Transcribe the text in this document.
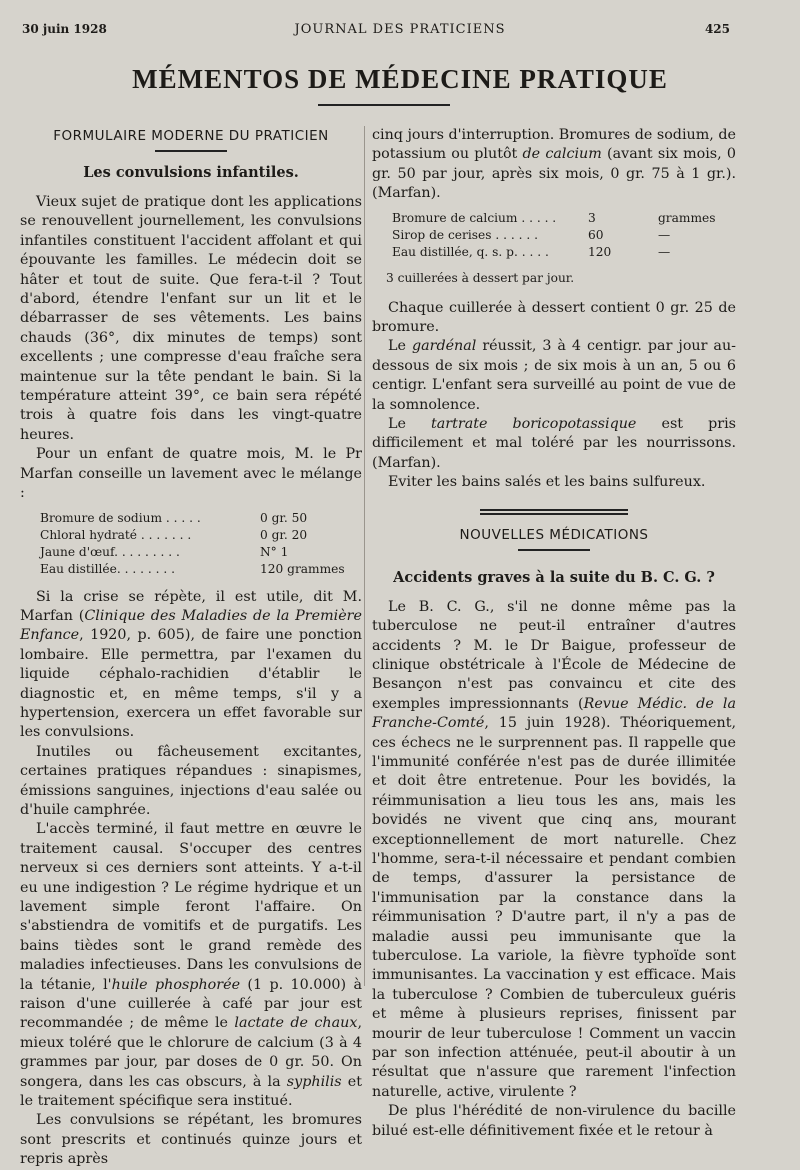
30 juin 1928	JOURNAL DES PRATICIENS	425
MÉMENTOS DE MÉDECINE PRATIQUE
FORMULAIRE MODERNE DU PRATICIEN
Les convulsions infantiles.

Vieux sujet de pratique dont les applications se renouvellent journellement, les convulsions infantiles constituent l'accident affolant et qui épouvante les familles. Le médecin doit se hâter et tout de suite. Que fera-t-il ? Tout d'abord, étendre l'enfant sur un lit et le débarrasser de ses vêtements. Les bains chauds (36°, dix minutes de temps) sont excellents ; une compresse d'eau fraîche sera maintenue sur la tête pendant le bain. Si la température atteint 39°, ce bain sera répété trois à quatre fois dans les vingt-quatre heures.

Pour un enfant de quatre mois, M. le Pr Marfan conseille un lavement avec le mélange :

Bromure de sodium . . . . .	0 gr. 50
Chloral hydraté . . . . . . .	0 gr. 20
Jaune d'œuf. . . . . . . . .	N° 1
Eau distillée. . . . . . . .	120 grammes

Si la crise se répète, il est utile, dit M. Marfan (Clinique des Maladies de la Première Enfance, 1920, p. 605), de faire une ponction lombaire. Elle permettra, par l'examen du liquide céphalo-rachidien d'établir le diagnostic et, en même temps, s'il y a hypertension, exercera un effet favorable sur les convulsions.

Inutiles ou fâcheusement excitantes, certaines pratiques répandues : sinapismes, émissions sanguines, injections d'eau salée ou d'huile camphrée.

L'accès terminé, il faut mettre en œuvre le traitement causal. S'occuper des centres nerveux si ces derniers sont atteints. Y a-t-il eu une indigestion ? Le régime hydrique et un lavement simple feront l'affaire. On s'abstiendra de vomitifs et de purgatifs. Les bains tièdes sont le grand remède des maladies infectieuses. Dans les convulsions de la tétanie, l'huile phosphorée (1 p. 10.000) à raison d'une cuillerée à café par jour est recommandée ; de même le lactate de chaux, mieux toléré que le chlorure de calcium (3 à 4 grammes par jour, par doses de 0 gr. 50. On songera, dans les cas obscurs, à la syphilis et le traitement spécifique sera institué.

Les convulsions se répétant, les bromures sont prescrits et continués quinze jours et repris après

cinq jours d'interruption. Bromures de sodium, de potassium ou plutôt de calcium (avant six mois, 0 gr. 50 par jour, après six mois, 0 gr. 75 à 1 gr.). (Marfan).

Bromure de calcium . . . . .	3	grammes
Sirop de cerises . . . . . .	60	—
Eau distillée, q. s. p. . . . .	120	—
3 cuillerées à dessert par jour.

Chaque cuillerée à dessert contient 0 gr. 25 de bromure.

Le gardénal réussit, 3 à 4 centigr. par jour au-dessous de six mois ; de six mois à un an, 5 ou 6 centigr. L'enfant sera surveillé au point de vue de la somnolence.

Le tartrate boricopotassique est pris difficilement et mal toléré par les nourrissons. (Marfan).

Eviter les bains salés et les bains sulfureux.

NOUVELLES MÉDICATIONS
Accidents graves à la suite du B. C. G. ?

Le B. C. G., s'il ne donne même pas la tuberculose ne peut-il entraîner d'autres accidents ? M. le Dr Baigue, professeur de clinique obstétricale à l'École de Médecine de Besançon n'est pas convaincu et cite des exemples impressionnants (Revue Médic. de la Franche-Comté, 15 juin 1928). Théoriquement, ces échecs ne le surprennent pas. Il rappelle que l'immunité conférée n'est pas de durée illimitée et doit être entretenue. Pour les bovidés, la réimmunisation a lieu tous les ans, mais les bovidés ne vivent que cinq ans, mourant exceptionnellement de mort naturelle. Chez l'homme, sera-t-il nécessaire et pendant combien de temps, d'assurer la persistance de l'immunisation par la constance dans la réimmunisation ? D'autre part, il n'y a pas de maladie aussi peu immunisante que la tuberculose. La variole, la fièvre typhoïde sont immunisantes. La vaccination y est efficace. Mais la tuberculose ? Combien de tuberculeux guéris et même à plusieurs reprises, finissent par mourir de leur tuberculose ! Comment un vaccin par son infection atténuée, peut-il aboutir à un résultat que n'assure que rarement l'infection naturelle, active, virulente ?

De plus l'hérédité de non-virulence du bacille bilué est-elle définitivement fixée et le retour à
